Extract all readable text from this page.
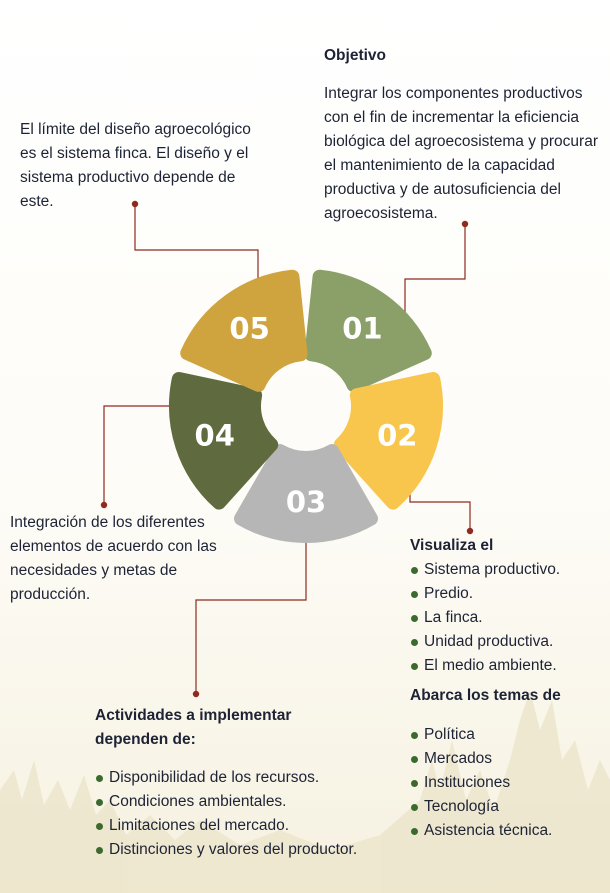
01
02
03
04
05
Objetivo
Integrar los componentes productivos con el fin de incrementar la eficiencia biológica del agroecosistema y procurar el mantenimiento de la capacidad productiva y de autosuficiencia del agroecosistema.
El límite del diseño agroecológico es el sistema finca. El diseño y el sistema productivo depende de este.
Integración de los diferentes elementos de acuerdo con las necesidades y metas de producción.
Visualiza el
Sistema productivo.
Predio.
La finca.
Unidad productiva.
El medio ambiente.
Abarca los temas de
Política
Mercados
Instituciones
Tecnología
Asistencia técnica.
Actividades a implementar dependen de:
Disponibilidad de los recursos.
Condiciones ambientales.
Limitaciones del mercado.
Distinciones y valores del productor.
